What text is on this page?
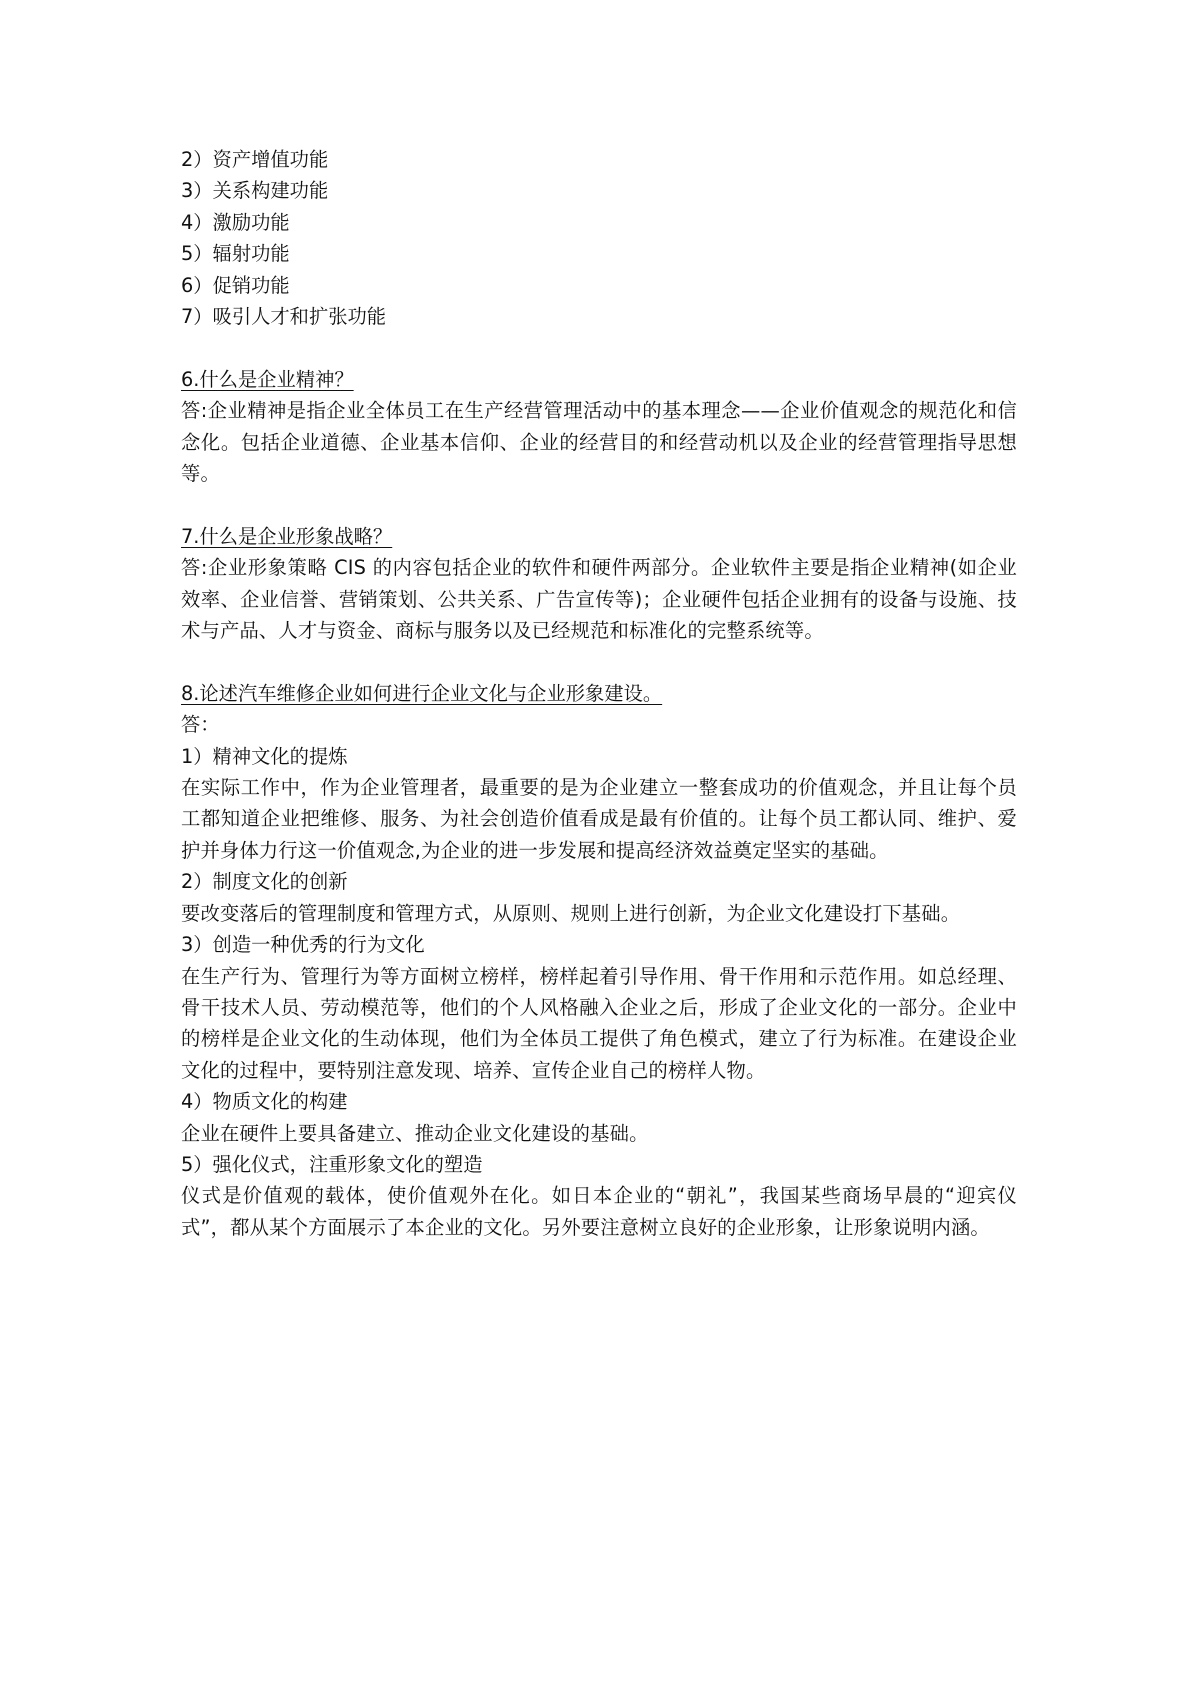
2）资产增值功能
3）关系构建功能
4）激励功能
5）辐射功能
6）促销功能
7）吸引人才和扩张功能
6.什么是企业精神？

答:企业精神是指企业全体员工在生产经营管理活动中的基本理念——企业价值观念的规范化和信念化。包括企业道德、企业基本信仰、企业的经营目的和经营动机以及企业的经营管理指导思想等。

7.什么是企业形象战略？

答:企业形象策略 CIS 的内容包括企业的软件和硬件两部分。企业软件主要是指企业精神(如企业效率、企业信誉、营销策划、公共关系、广告宣传等)；企业硬件包括企业拥有的设备与设施、技术与产品、人才与资金、商标与服务以及已经规范和标准化的完整系统等。

8.论述汽车维修企业如何进行企业文化与企业形象建设。

答：

1）精神文化的提炼

在实际工作中，作为企业管理者，最重要的是为企业建立一整套成功的价值观念，并且让每个员工都知道企业把维修、服务、为社会创造价值看成是最有价值的。让每个员工都认同、维护、爱护并身体力行这一价值观念,为企业的进一步发展和提高经济效益奠定坚实的基础。

2）制度文化的创新

要改变落后的管理制度和管理方式，从原则、规则上进行创新，为企业文化建设打下基础。

3）创造一种优秀的行为文化

在生产行为、管理行为等方面树立榜样，榜样起着引导作用、骨干作用和示范作用。如总经理、骨干技术人员、劳动模范等，他们的个人风格融入企业之后，形成了企业文化的一部分。企业中的榜样是企业文化的生动体现，他们为全体员工提供了角色模式，建立了行为标准。在建设企业文化的过程中，要特别注意发现、培养、宣传企业自己的榜样人物。

4）物质文化的构建

企业在硬件上要具备建立、推动企业文化建设的基础。

5）强化仪式，注重形象文化的塑造

仪式是价值观的载体，使价值观外在化。如日本企业的“朝礼”，我国某些商场早晨的“迎宾仪式”，都从某个方面展示了本企业的文化。另外要注意树立良好的企业形象，让形象说明内涵。
